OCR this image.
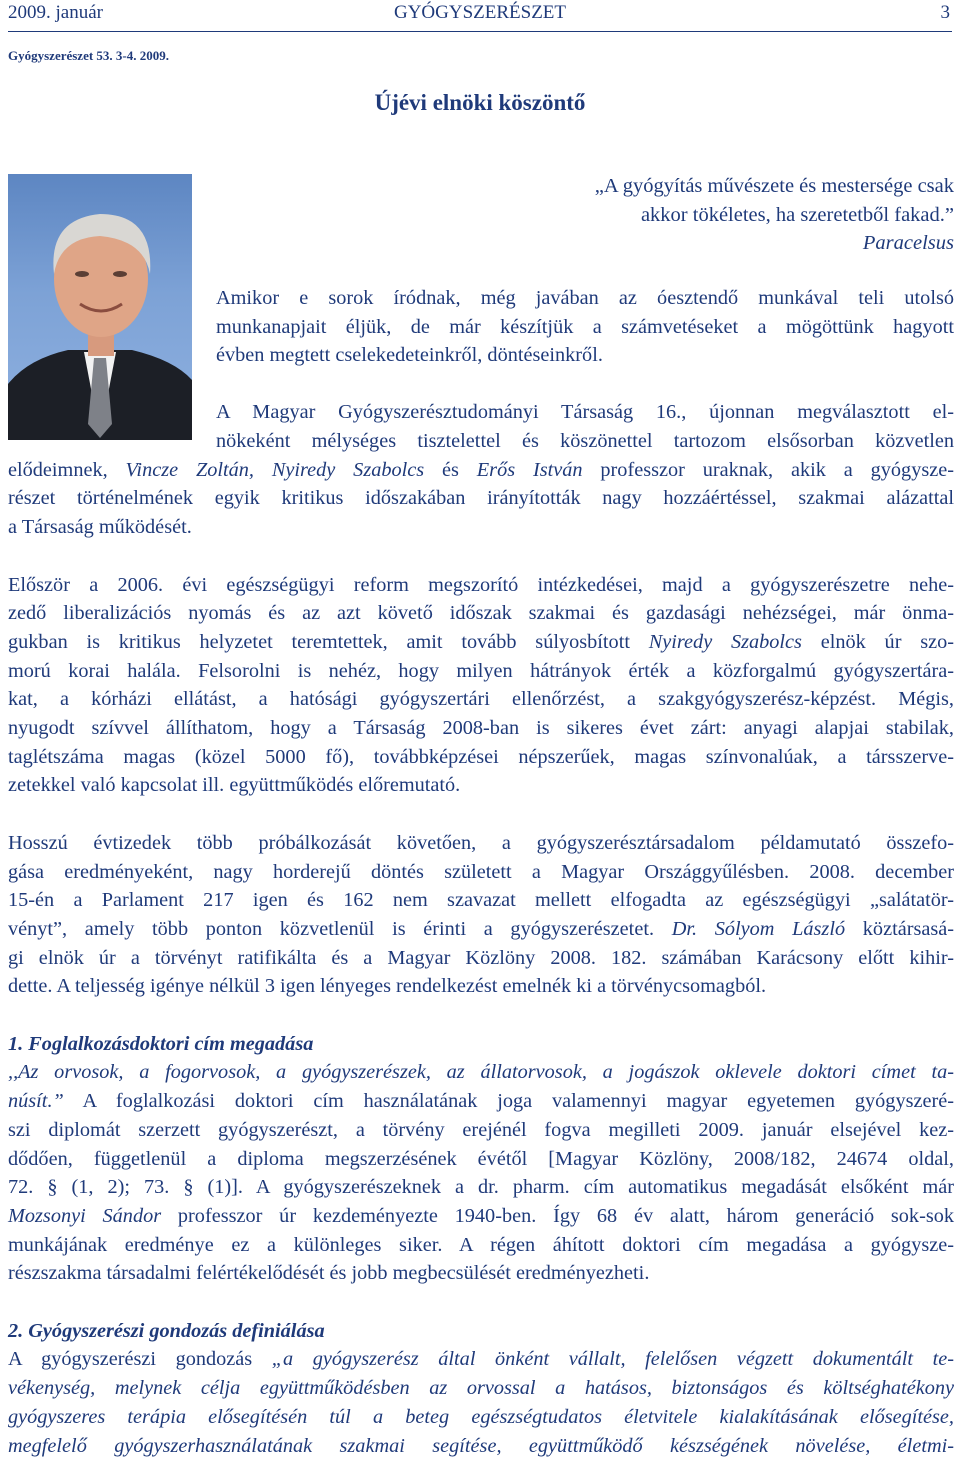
GYÓGYSZERÉSZET
2009. január	3
Gyógyszerészet 53. 3-4. 2009.
Újévi elnöki köszöntő
„A gyógyítás művészete és mestersége csak
akkor tökéletes, ha szeretetből fakad.”
Paracelsus
Amikor e sorok íródnak, még javában az óesztendő munkával teli utolsó
munkanapjait éljük, de már készítjük a számvetéseket a mögöttünk hagyott
évben megtett cselekedeteinkről, döntéseinkről.
A Magyar Gyógyszerésztudományi Társaság 16., újonnan megválasztott el-
nökeként mélységes tisztelettel és köszönettel tartozom elsősorban közvetlen
elődeimnek, Vincze Zoltán, Nyiredy Szabolcs és Erős István professzor uraknak, akik a gyógysze-
részet történelmének egyik kritikus időszakában irányították nagy hozzáértéssel, szakmai alázattal
a Társaság működését.
Először a 2006. évi egészségügyi reform megszorító intézkedései, majd a gyógyszerészetre nehe-
zedő liberalizációs nyomás és az azt követő időszak szakmai és gazdasági nehézségei, már önma-
gukban is kritikus helyzetet teremtettek, amit tovább súlyosbított Nyiredy Szabolcs elnök úr szo-
morú korai halála. Felsorolni is nehéz, hogy milyen hátrányok érték a közforgalmú gyógyszertára-
kat, a kórházi ellátást, a hatósági gyógyszertári ellenőrzést, a szakgyógyszerész-képzést. Mégis,
nyugodt szívvel állíthatom, hogy a Társaság 2008-ban is sikeres évet zárt: anyagi alapjai stabilak,
taglétszáma magas (közel 5000 fő), továbbképzései népszerűek, magas színvonalúak, a társszerve-
zetekkel való kapcsolat ill. együttműködés előremutató.
Hosszú évtizedek több próbálkozását követően, a gyógyszerésztársadalom példamutató összefo-
gása eredményeként, nagy horderejű döntés született a Magyar Országgyűlésben. 2008. december
15-én a Parlament 217 igen és 162 nem szavazat mellett elfogadta az egészségügyi „salátatör-
vényt”, amely több ponton közvetlenül is érinti a gyógyszerészetet. Dr. Sólyom László köztársasá-
gi elnök úr a törvényt ratifikálta és a Magyar Közlöny 2008. 182. számában Karácsony előtt kihir-
dette. A teljesség igénye nélkül 3 igen lényeges rendelkezést emelnék ki a törvénycsomagból.
1. Foglalkozásdoktori cím megadása
,,Az orvosok, a fogorvosok, a gyógyszerészek, az állatorvosok, a jogászok oklevele doktori címet ta-
núsít.” A foglalkozási doktori cím használatának joga valamennyi magyar egyetemen gyógyszeré-
szi diplomát szerzett gyógyszerészt, a törvény erejénél fogva megilleti 2009. január elsejével kez-
dődően, függetlenül a diploma megszerzésének évétől [Magyar Közlöny, 2008/182, 24674 oldal,
72. § (1, 2); 73. § (1)]. A gyógyszerészeknek a dr. pharm. cím automatikus megadását elsőként már
Mozsonyi Sándor professzor úr kezdeményezte 1940-ben. Így 68 év alatt, három generáció sok-sok
munkájának eredménye ez a különleges siker. A régen áhított doktori cím megadása a gyógysze-
részszakma társadalmi felértékelődését és jobb megbecsülését eredményezheti.
2. Gyógyszerészi gondozás definiálása
A gyógyszerészi gondozás „a gyógyszerész által önként vállalt, felelősen végzett dokumentált te-
vékenység, melynek célja együttműködésben az orvossal a hatásos, biztonságos és költséghatékony
gyógyszeres terápia elősegítésén túl a beteg egészségtudatos életvitele kialakításának elősegítése,
megfelelő gyógyszerhasználatának szakmai segítése, együttműködő készségének növelése, életmi-
